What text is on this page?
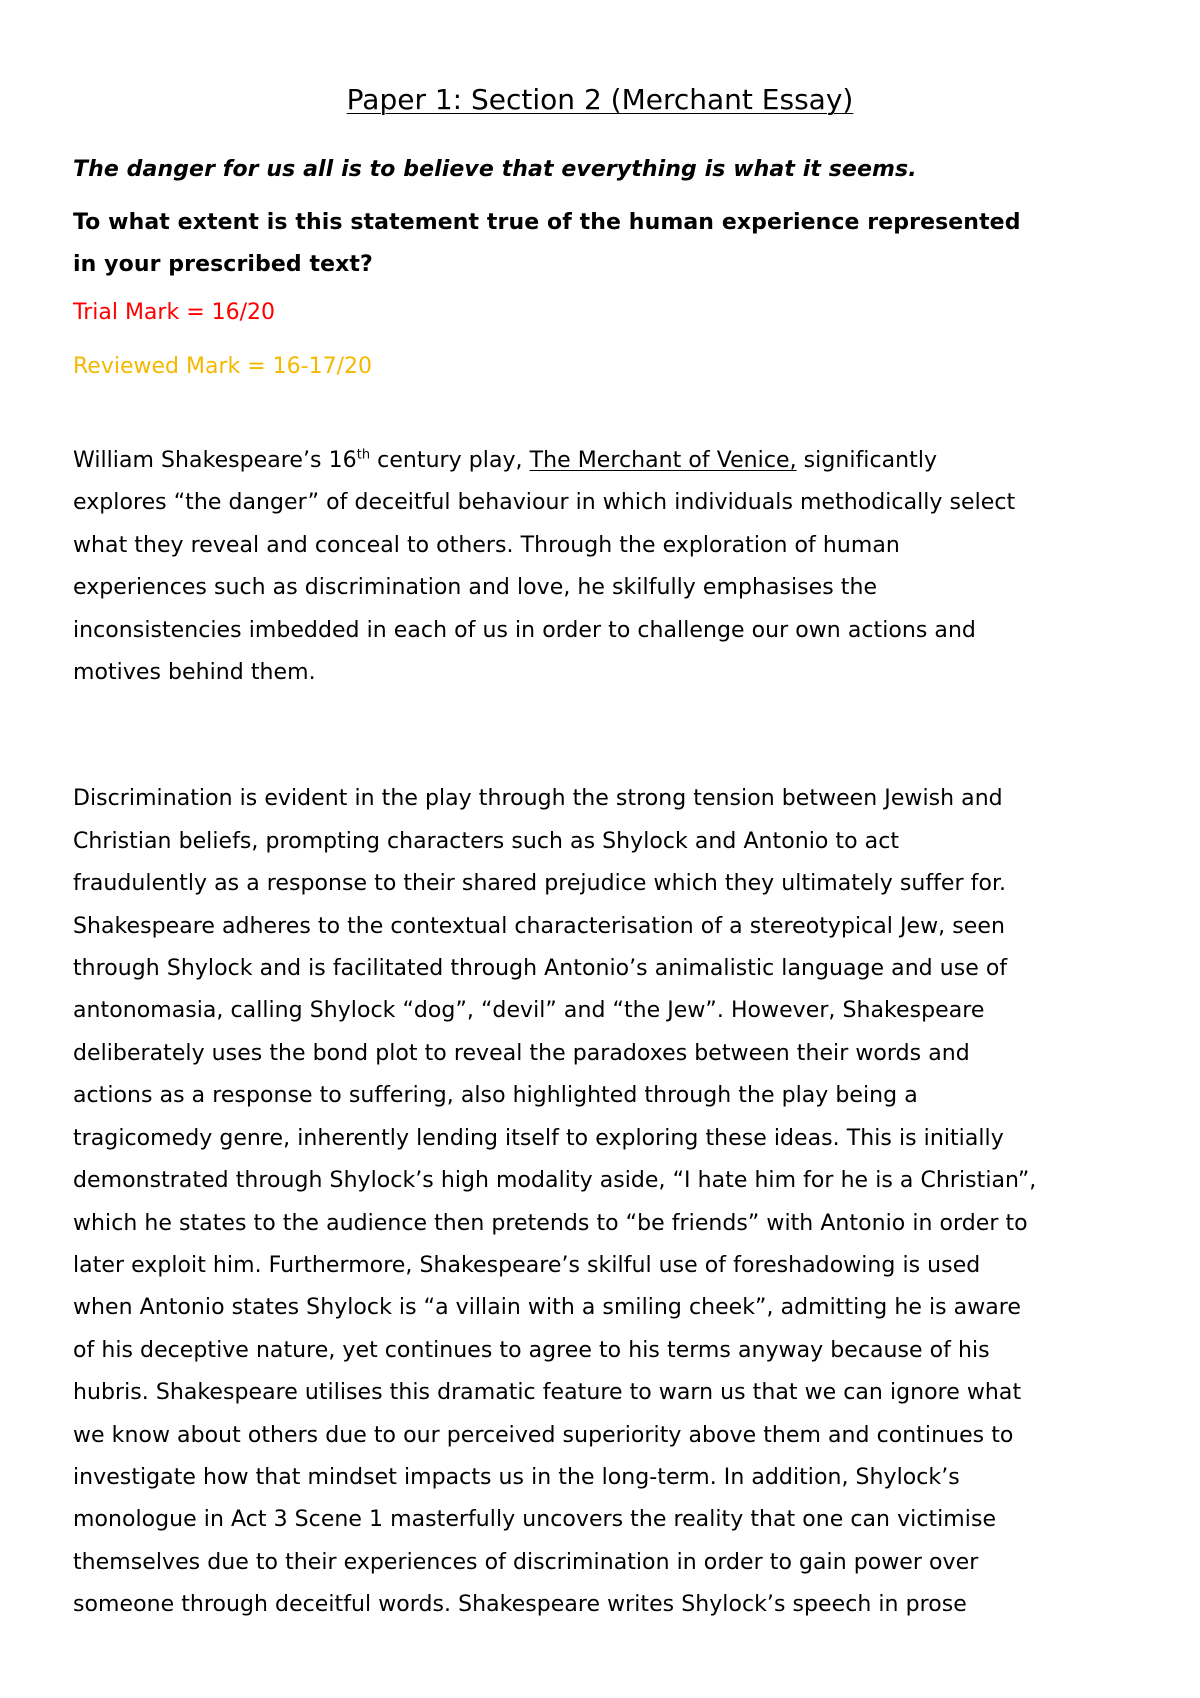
Paper 1: Section 2 (Merchant Essay)

The danger for us all is to believe that everything is what it seems.

To what extent is this statement true of the human experience represented
in your prescribed text?

Trial Mark = 16/20

Reviewed Mark = 16-17/20

William Shakespeare’s 16th century play, The Merchant of Venice, significantly
explores “the danger” of deceitful behaviour in which individuals methodically select
what they reveal and conceal to others. Through the exploration of human
experiences such as discrimination and love, he skilfully emphasises the
inconsistencies imbedded in each of us in order to challenge our own actions and
motives behind them.
Discrimination is evident in the play through the strong tension between Jewish and
Christian beliefs, prompting characters such as Shylock and Antonio to act
fraudulently as a response to their shared prejudice which they ultimately suffer for.
Shakespeare adheres to the contextual characterisation of a stereotypical Jew, seen
through Shylock and is facilitated through Antonio’s animalistic language and use of
antonomasia, calling Shylock “dog”, “devil” and “the Jew”. However, Shakespeare
deliberately uses the bond plot to reveal the paradoxes between their words and
actions as a response to suffering, also highlighted through the play being a
tragicomedy genre, inherently lending itself to exploring these ideas. This is initially
demonstrated through Shylock’s high modality aside, “I hate him for he is a Christian”,
which he states to the audience then pretends to “be friends” with Antonio in order to
later exploit him. Furthermore, Shakespeare’s skilful use of foreshadowing is used
when Antonio states Shylock is “a villain with a smiling cheek”, admitting he is aware
of his deceptive nature, yet continues to agree to his terms anyway because of his
hubris. Shakespeare utilises this dramatic feature to warn us that we can ignore what
we know about others due to our perceived superiority above them and continues to
investigate how that mindset impacts us in the long-term. In addition, Shylock’s
monologue in Act 3 Scene 1 masterfully uncovers the reality that one can victimise
themselves due to their experiences of discrimination in order to gain power over
someone through deceitful words. Shakespeare writes Shylock’s speech in prose
